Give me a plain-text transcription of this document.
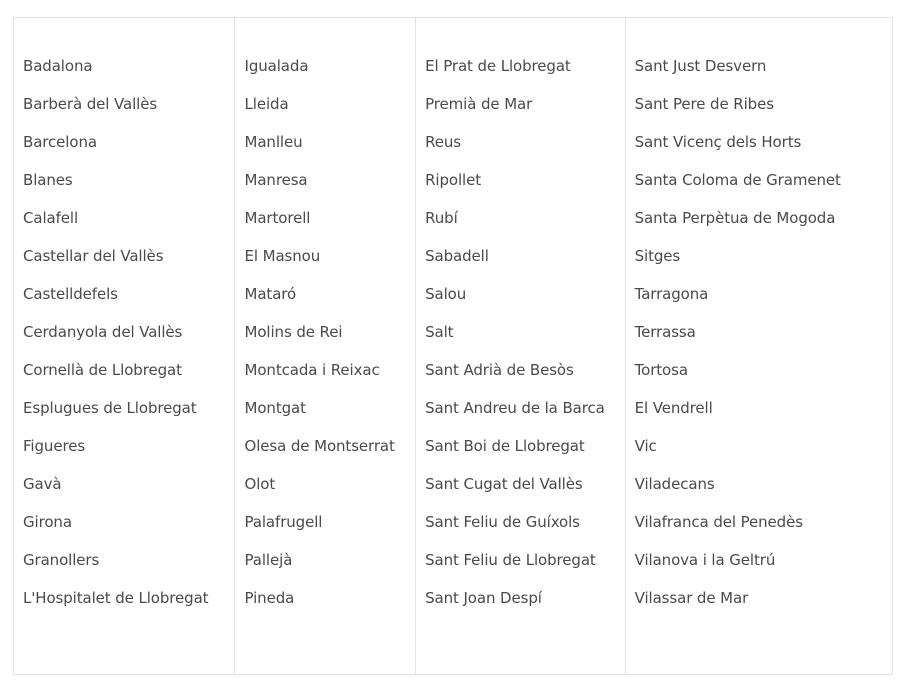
Badalona
Barberà del Vallès
Barcelona
Blanes
Calafell
Castellar del Vallès
Castelldefels
Cerdanyola del Vallès
Cornellà de Llobregat
Esplugues de Llobregat
Figueres
Gavà
Girona
Granollers
L'Hospitalet de Llobregat
Igualada
Lleida
Manlleu
Manresa
Martorell
El Masnou
Mataró
Molins de Rei
Montcada i Reixac
Montgat
Olesa de Montserrat
Olot
Palafrugell
Pallejà
Pineda
El Prat de Llobregat
Premià de Mar
Reus
Ripollet
Rubí
Sabadell
Salou
Salt
Sant Adrià de Besòs
Sant Andreu de la Barca
Sant Boi de Llobregat
Sant Cugat del Vallès
Sant Feliu de Guíxols
Sant Feliu de Llobregat
Sant Joan Despí
Sant Just Desvern
Sant Pere de Ribes
Sant Vicenç dels Horts
Santa Coloma de Gramenet
Santa Perpètua de Mogoda
Sitges
Tarragona
Terrassa
Tortosa
El Vendrell
Vic
Viladecans
Vilafranca del Penedès
Vilanova i la Geltrú
Vilassar de Mar
